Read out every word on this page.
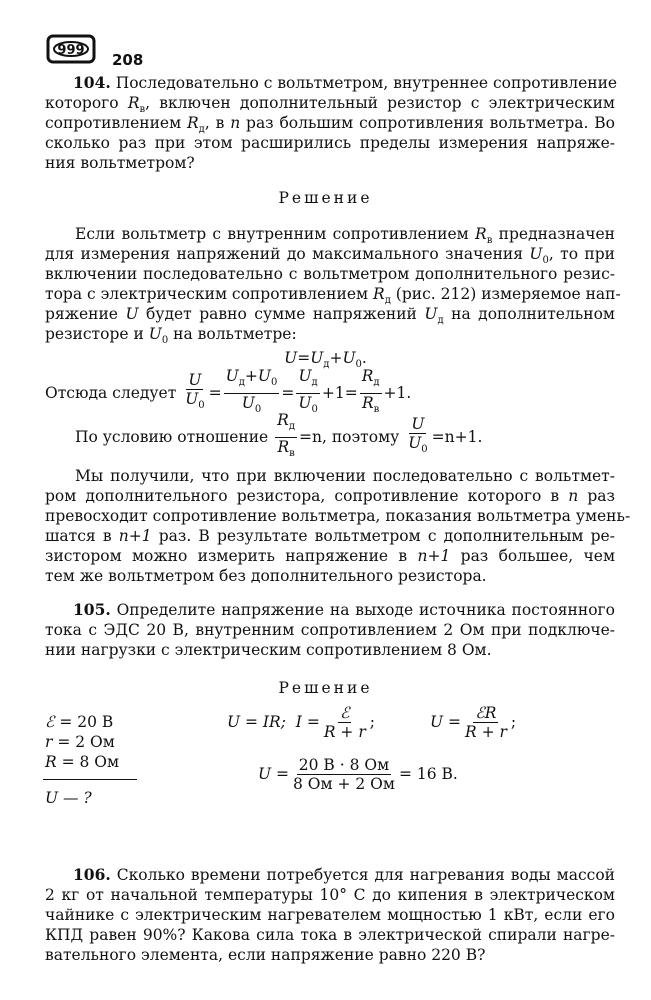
999
208
104. Последовательно с вольтметром, внутреннее сопротивление
которого $R_в$, включен дополнительный резистор с электрическим
сопротивлением $R_д$, в n раз большим сопротивления вольтметра. Во
сколько раз при этом расширились пределы измерения напряже-
ния вольтметром?
Решение
Если вольтметр с внутренним сопротивлением $R_в$ предназначен
для измерения напряжений до максимального значения $U_0$, то при
включении последовательно с вольтметром дополнительного резис-
тора с электрическим сопротивлением $R_д$ (рис. 212) измеряемое нап-
ряжение U будет равно сумме напряжений $U_д$ на дополнительном
резисторе и $U_0$ на вольтметре:
$U=U_д+U_0$.
Отсюда следует
$\frac{U}{U_0} = \frac{U_д+U_0}{U_0} = \frac{U_д}{U_0} +1 = \frac{R_д}{R_в} +1$.
По условию отношение
$\frac{R_д}{R_в} =n$, поэтому
$\frac{U}{U_0} =n+1$.
Мы получили, что при включении последовательно с вольтмет-
ром дополнительного резистора, сопротивление которого в n раз
превосходит сопротивление вольтметра, показания вольтметра умень-
шатся в n+1 раз. В результате вольтметром с дополнительным ре-
зистором можно измерить напряжение в n+1 раз большее, чем
тем же вольтметром без дополнительного резистора.
105. Определите напряжение на выходе источника постоянного
тока с ЭДС 20 В, внутренним сопротивлением 2 Ом при подключе-
нии нагрузки с электрическим сопротивлением 8 Ом.
Решение
ℰ = 20 В
r = 2 Ом
R = 8 Ом
U — ?
U = IR;
$I = \frac{\text{ℰ}}{R + r}$ ;	$U = \frac{\text{ℰR}}{R + r}$ ;
$U = \frac{20 В \cdot 8 Ом}{8 Ом + 2 Ом} = 16$ В.
106. Сколько времени потребуется для нагревания воды массой
2 кг от начальной температуры 10° С до кипения в электрическом
чайнике с электрическим нагревателем мощностью 1 кВт, если его
КПД равен 90%? Какова сила тока в электрической спирали нагре-
вательного элемента, если напряжение равно 220 В?
